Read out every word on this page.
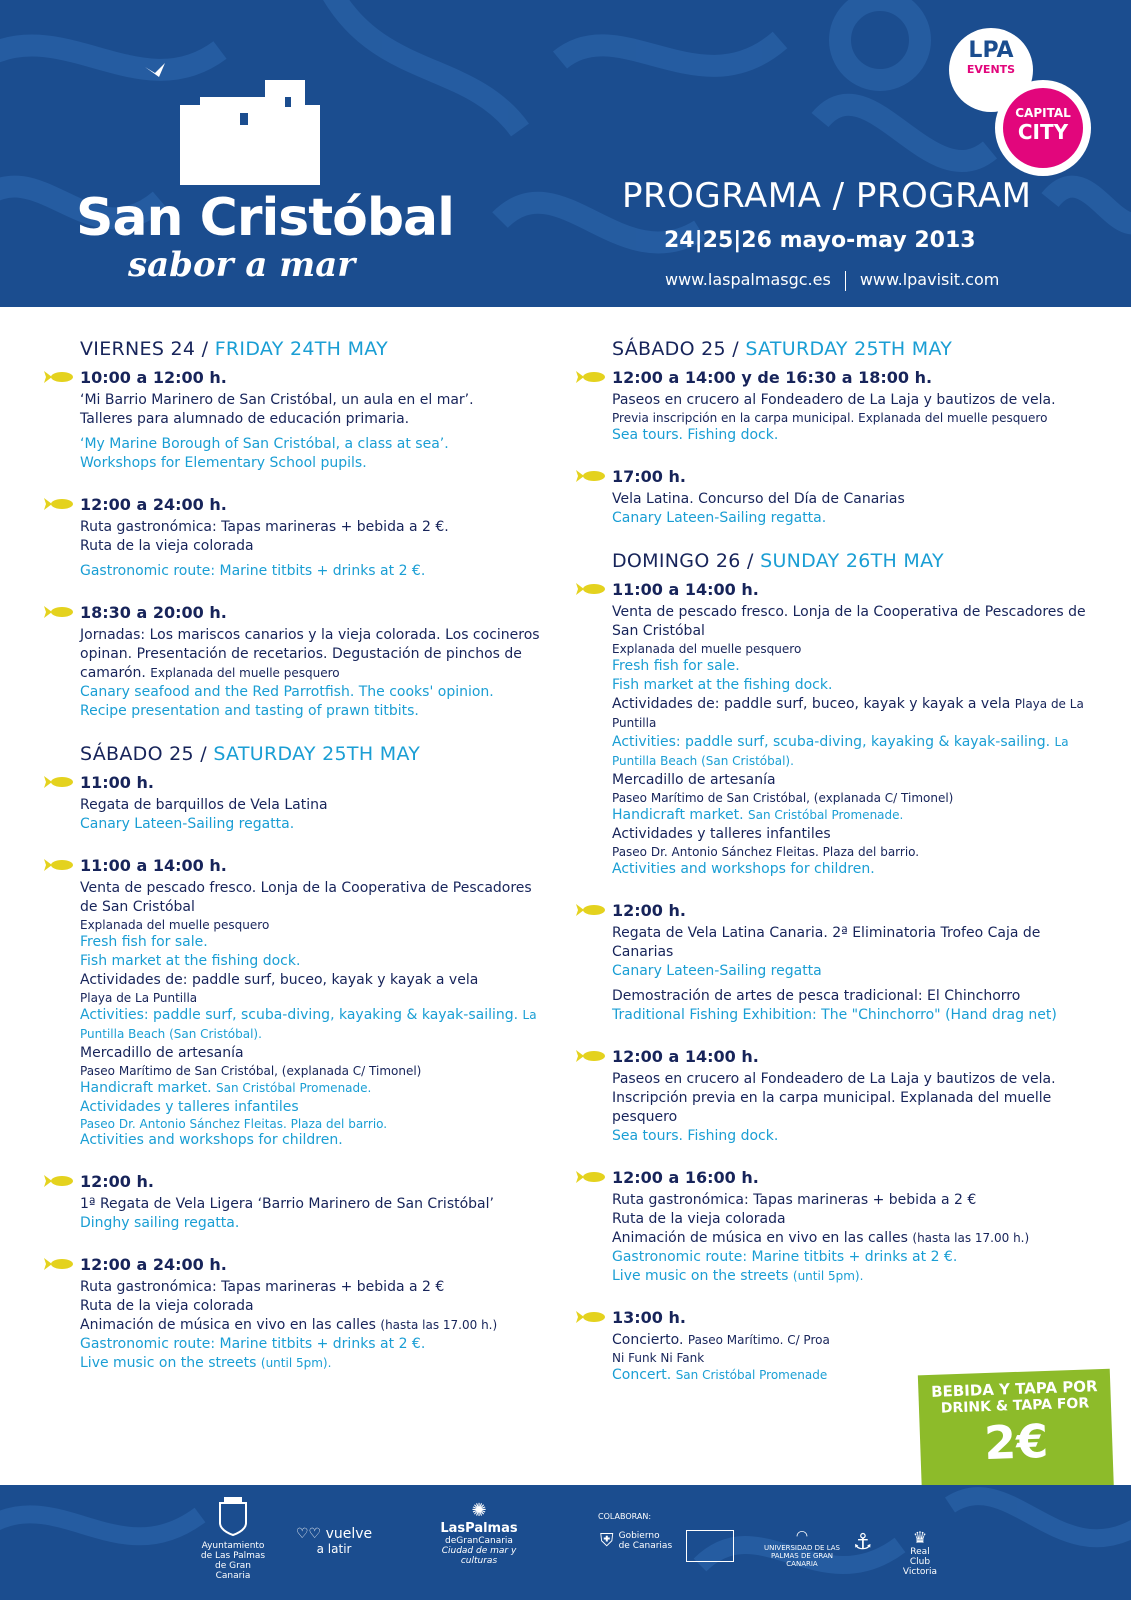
San Cristóbal
sabor a mar
PROGRAMA / PROGRAM
24|25|26 mayo-may 2013
www.laspalmasgc.es www.lpavisit.com
LPA
EVENTS
CAPITAL
CITY
VIERNES 24 / FRIDAY 24TH MAY
10:00 a 12:00 h.
‘Mi Barrio Marinero de San Cristóbal, un aula en el mar’.
Talleres para alumnado de educación primaria.
‘My Marine Borough of San Cristóbal, a class at sea’.
Workshops for Elementary School pupils.
12:00 a 24:00 h.
Ruta gastronómica: Tapas marineras + bebida a 2 €.
Ruta de la vieja colorada
Gastronomic route: Marine titbits + drinks at 2 €.
18:30 a 20:00 h.
Jornadas: Los mariscos canarios y la vieja colorada. Los cocineros opinan. Presentación de recetarios. Degustación de pinchos de camarón. Explanada del muelle pesquero
Canary seafood and the Red Parrotfish. The cooks' opinion.
Recipe presentation and tasting of prawn titbits.
SÁBADO 25 / SATURDAY 25TH MAY
11:00 h.
Regata de barquillos de Vela Latina
Canary Lateen-Sailing regatta.
11:00 a 14:00 h.
Venta de pescado fresco. Lonja de la Cooperativa de Pescadores de San Cristóbal
Explanada del muelle pesquero
Fresh fish for sale.
Fish market at the fishing dock.
Actividades de: paddle surf, buceo, kayak y kayak a vela
Playa de La Puntilla
Activities: paddle surf, scuba-diving, kayaking & kayak-sailing. La Puntilla Beach (San Cristóbal).
Mercadillo de artesanía
Paseo Marítimo de San Cristóbal, (explanada C/ Timonel)
Handicraft market. San Cristóbal Promenade.
Actividades y talleres infantiles
Paseo Dr. Antonio Sánchez Fleitas. Plaza del barrio.
Activities and workshops for children.
12:00 h.
1ª Regata de Vela Ligera ‘Barrio Marinero de San Cristóbal’
Dinghy sailing regatta.
12:00 a 24:00 h.
Ruta gastronómica: Tapas marineras + bebida a 2 €
Ruta de la vieja colorada
Animación de música en vivo en las calles (hasta las 17.00 h.)
Gastronomic route: Marine titbits + drinks at 2 €.
Live music on the streets (until 5pm).
SÁBADO 25 / SATURDAY 25TH MAY
12:00 a 14:00 y de 16:30 a 18:00 h.
Paseos en crucero al Fondeadero de La Laja y bautizos de vela.
Previa inscripción en la carpa municipal. Explanada del muelle pesquero
Sea tours. Fishing dock.
17:00 h.
Vela Latina. Concurso del Día de Canarias
Canary Lateen-Sailing regatta.
DOMINGO 26 / SUNDAY 26TH MAY
11:00 a 14:00 h.
Venta de pescado fresco. Lonja de la Cooperativa de Pescadores de San Cristóbal
Explanada del muelle pesquero
Fresh fish for sale.
Fish market at the fishing dock.
Actividades de: paddle surf, buceo, kayak y kayak a vela Playa de La Puntilla
Activities: paddle surf, scuba-diving, kayaking & kayak-sailing. La Puntilla Beach (San Cristóbal).
Mercadillo de artesanía
Paseo Marítimo de San Cristóbal, (explanada C/ Timonel)
Handicraft market. San Cristóbal Promenade.
Actividades y talleres infantiles
Paseo Dr. Antonio Sánchez Fleitas. Plaza del barrio.
Activities and workshops for children.
12:00 h.
Regata de Vela Latina Canaria. 2ª Eliminatoria Trofeo Caja de Canarias
Canary Lateen-Sailing regatta
Demostración de artes de pesca tradicional: El Chinchorro
Traditional Fishing Exhibition: The "Chinchorro" (Hand drag net)
12:00 a 14:00 h.
Paseos en crucero al Fondeadero de La Laja y bautizos de vela.
Inscripción previa en la carpa municipal. Explanada del muelle pesquero
Sea tours. Fishing dock.
12:00 a 16:00 h.
Ruta gastronómica: Tapas marineras + bebida a 2 €
Ruta de la vieja colorada
Animación de música en vivo en las calles (hasta las 17.00 h.)
Gastronomic route: Marine titbits + drinks at 2 €.
Live music on the streets (until 5pm).
13:00 h.
Concierto. Paseo Marítimo. C/ Proa
Ni Funk Ni Fank
Concert. San Cristóbal Promenade
BEBIDA Y TAPA POR
DRINK & TAPA FOR
2€
Ayuntamiento
de Las Palmas
de Gran Canaria
♡♡ vuelve
a latir
✺
LasPalmas
deGranCanaria
Ciudad de mar y culturas
COLABORAN:
⛨ Gobierno
de Canarias
◠
UNIVERSIDAD DE LAS PALMAS DE GRAN CANARIA
⚓	♛
Real Club
Victoria
